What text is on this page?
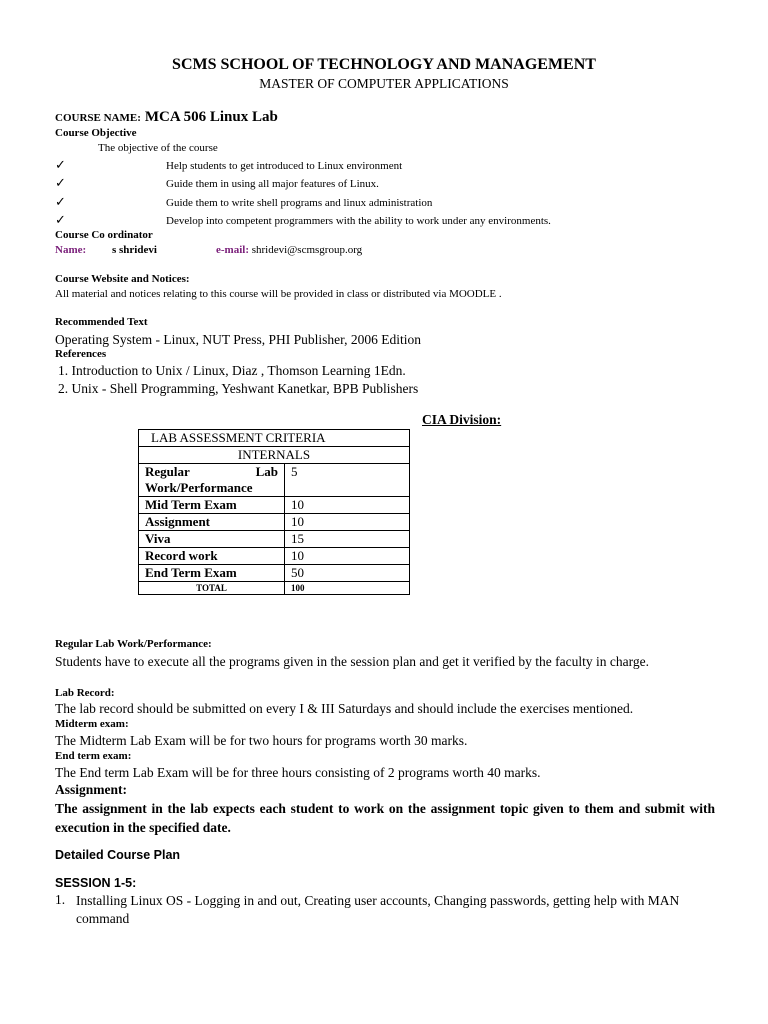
SCMS SCHOOL OF TECHNOLOGY AND MANAGEMENT
MASTER OF COMPUTER APPLICATIONS
COURSE NAME: MCA 506 Linux Lab
Course Objective
The objective of the course
✓	Help students to get introduced to Linux environment
✓	Guide them in using all major features of Linux.
✓	Guide them to write shell programs and linux administration
✓	Develop into competent programmers with the ability to work under any environments.
Course Co ordinator
Name: s shridevi	e-mail: shridevi@scmsgroup.org
Course Website and Notices:
All material and notices relating to this course will be provided in class or distributed via MOODLE .
Recommended Text
Operating System - Linux, NUT Press, PHI Publisher, 2006 Edition
References
1. Introduction to Unix / Linux, Diaz , Thomson Learning 1Edn.
2. Unix - Shell Programming, Yeshwant Kanetkar, BPB Publishers
CIA Division:
LAB ASSESSMENT CRITERIA	
INTERNALS	

Regular Lab
Work/Performance	5
Mid Term Exam	10
Assignment	10
Viva	15
Record work	10
End Term Exam	50
TOTAL	100
Regular Lab Work/Performance:
Students have to execute all the programs given in the session plan and get it verified by the faculty in charge.
Lab Record:
The lab record should be submitted on every I & III Saturdays and should include the exercises mentioned.
Midterm exam:
The Midterm Lab Exam will be for two hours for programs worth 30 marks.
End term exam:
The End term Lab Exam will be for three hours consisting of 2 programs worth 40 marks.
Assignment:
The assignment in the lab expects each student to work on the assignment topic given to them and submit with execution in the specified date.
Detailed Course Plan
SESSION 1-5:
1. Installing Linux OS - Logging in and out, Creating user accounts, Changing passwords, getting help with MAN command
